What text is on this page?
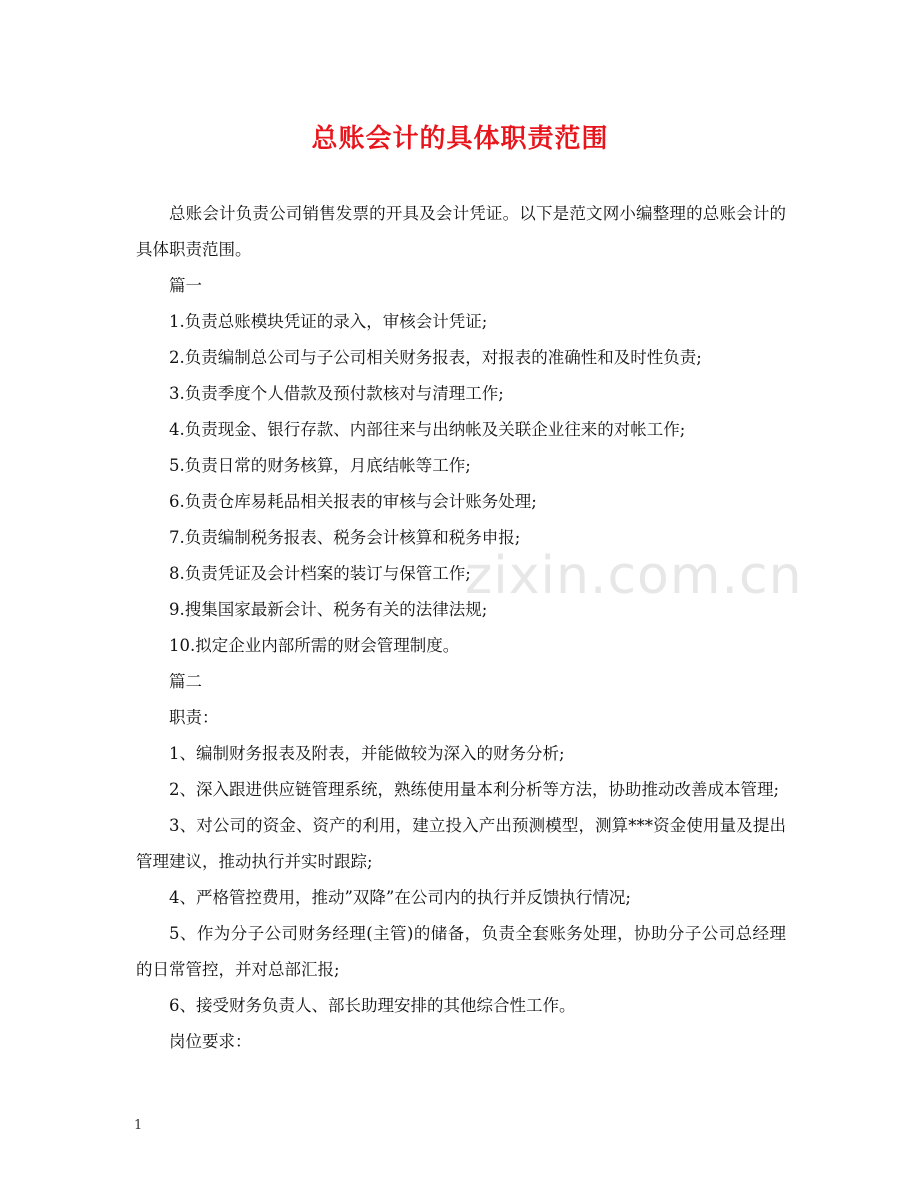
总账会计的具体职责范围

总账会计负责公司销售发票的开具及会计凭证。以下是范文网小编整理的总账会计的具体职责范围。

篇一

1.负责总账模块凭证的录入，审核会计凭证;

2.负责编制总公司与子公司相关财务报表，对报表的准确性和及时性负责;

3.负责季度个人借款及预付款核对与清理工作;

4.负责现金、银行存款、内部往来与出纳帐及关联企业往来的对帐工作;

5.负责日常的财务核算，月底结帐等工作;

6.负责仓库易耗品相关报表的审核与会计账务处理;

7.负责编制税务报表、税务会计核算和税务申报;

8.负责凭证及会计档案的装订与保管工作;

9.搜集国家最新会计、税务有关的法律法规;

10.拟定企业内部所需的财会管理制度。

篇二

职责：

1、编制财务报表及附表，并能做较为深入的财务分析;

2、深入跟进供应链管理系统，熟练使用量本利分析等方法，协助推动改善成本管理;

3、对公司的资金、资产的利用，建立投入产出预测模型，测算***资金使用量及提出管理建议，推动执行并实时跟踪;

4、严格管控费用，推动”双降”在公司内的执行并反馈执行情况;

5、作为分子公司财务经理(主管)的储备，负责全套账务处理，协助分子公司总经理的日常管控，并对总部汇报;

6、接受财务负责人、部长助理安排的其他综合性工作。

岗位要求：

zixin.com.cn
1
